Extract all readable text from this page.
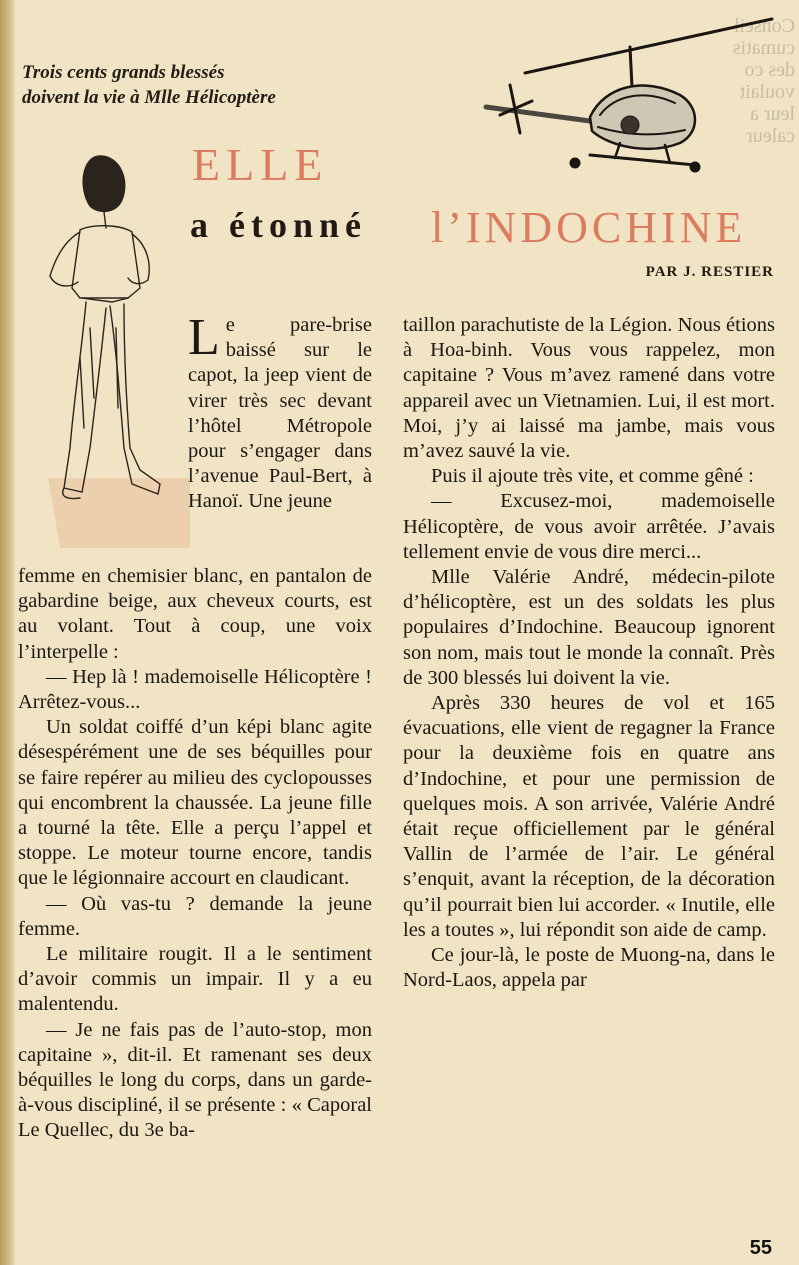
Conseil
cumatis
des co
voulait
leur a
caleur
Trois cents grands blessés
doivent la vie à Mlle Hélicoptère
ELLE
a étonné l’INDOCHINE
PAR J. RESTIER

Le pare-brise baissé sur le capot, la jeep vient de virer très sec devant l’hôtel Métropole pour s’engager dans l’avenue Paul-Bert, à Hanoï. Une jeune

femme en chemisier blanc, en pantalon de gabardine beige, aux cheveux courts, est au volant. Tout à coup, une voix l’interpelle :

— Hep là ! mademoiselle Hélicoptère ! Arrêtez-vous...

Un soldat coiffé d’un képi blanc agite désespérément une de ses béquilles pour se faire repérer au milieu des cyclopousses qui encombrent la chaussée. La jeune fille a tourné la tête. Elle a perçu l’appel et stoppe. Le moteur tourne encore, tandis que le légionnaire accourt en claudicant.

— Où vas-tu ? demande la jeune femme.

Le militaire rougit. Il a le sentiment d’avoir commis un impair. Il y a eu malentendu.

— Je ne fais pas de l’auto-stop, mon capitaine », dit-il. Et ramenant ses deux béquilles le long du corps, dans un garde-à-vous discipliné, il se présente : « Caporal Le Quellec, du 3e ba-

taillon parachutiste de la Légion. Nous étions à Hoa-binh. Vous vous rappelez, mon capitaine ? Vous m’avez ramené dans votre appareil avec un Vietnamien. Lui, il est mort. Moi, j’y ai laissé ma jambe, mais vous m’avez sauvé la vie.

Puis il ajoute très vite, et comme gêné :

— Excusez-moi, mademoiselle Hélicoptère, de vous avoir arrêtée. J’avais tellement envie de vous dire merci...

Mlle Valérie André, médecin-pilote d’hélicoptère, est un des soldats les plus populaires d’Indochine. Beaucoup ignorent son nom, mais tout le monde la connaît. Près de 300 blessés lui doivent la vie.

Après 330 heures de vol et 165 évacuations, elle vient de regagner la France pour la deuxième fois en quatre ans d’Indochine, et pour une permission de quelques mois. A son arrivée, Valérie André était reçue officiellement par le général Vallin de l’armée de l’air. Le général s’enquit, avant la réception, de la décoration qu’il pourrait bien lui accorder. « Inutile, elle les a toutes », lui répondit son aide de camp.

Ce jour-là, le poste de Muong-na, dans le Nord-Laos, appela par

55
